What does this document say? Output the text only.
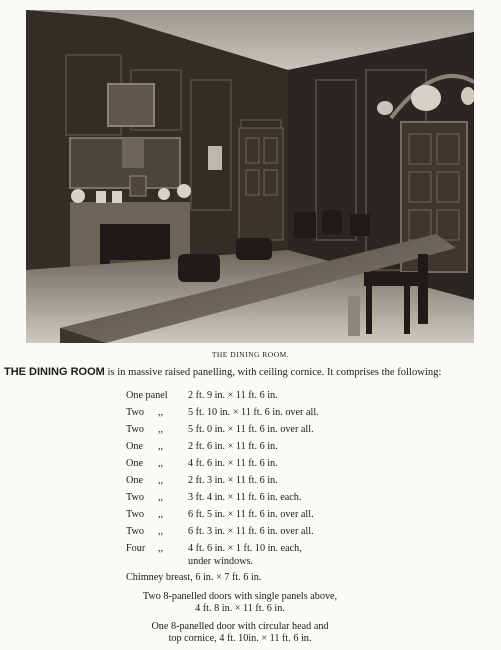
THE DINING ROOM.
THE DINING ROOM is in massive raised panelling, with ceiling cornice. It comprises the following:
One panel 2 ft. 9 in. × 11 ft. 6 in.
Two ,, 5 ft. 10 in. × 11 ft. 6 in. over all.
Two ,, 5 ft. 0 in. × 11 ft. 6 in. over all.
One ,, 2 ft. 6 in. × 11 ft. 6 in.
One ,, 4 ft. 6 in. × 11 ft. 6 in.
One ,, 2 ft. 3 in. × 11 ft. 6 in.
Two ,, 3 ft. 4 in. × 11 ft. 6 in. each.
Two ,, 6 ft. 5 in. × 11 ft. 6 in. over all.
Two ,, 6 ft. 3 in. × 11 ft. 6 in. over all.
Four ,, 4 ft. 6 in. × 1 ft. 10 in. each,
under windows.
Chimney breast, 6 in. × 7 ft. 6 in.
Two 8-panelled doors with single panels above,
4 ft. 8 in. × 11 ft. 6 in.
One 8-panelled door with circular head and
top cornice, 4 ft. 10in. × 11 ft. 6 in.
